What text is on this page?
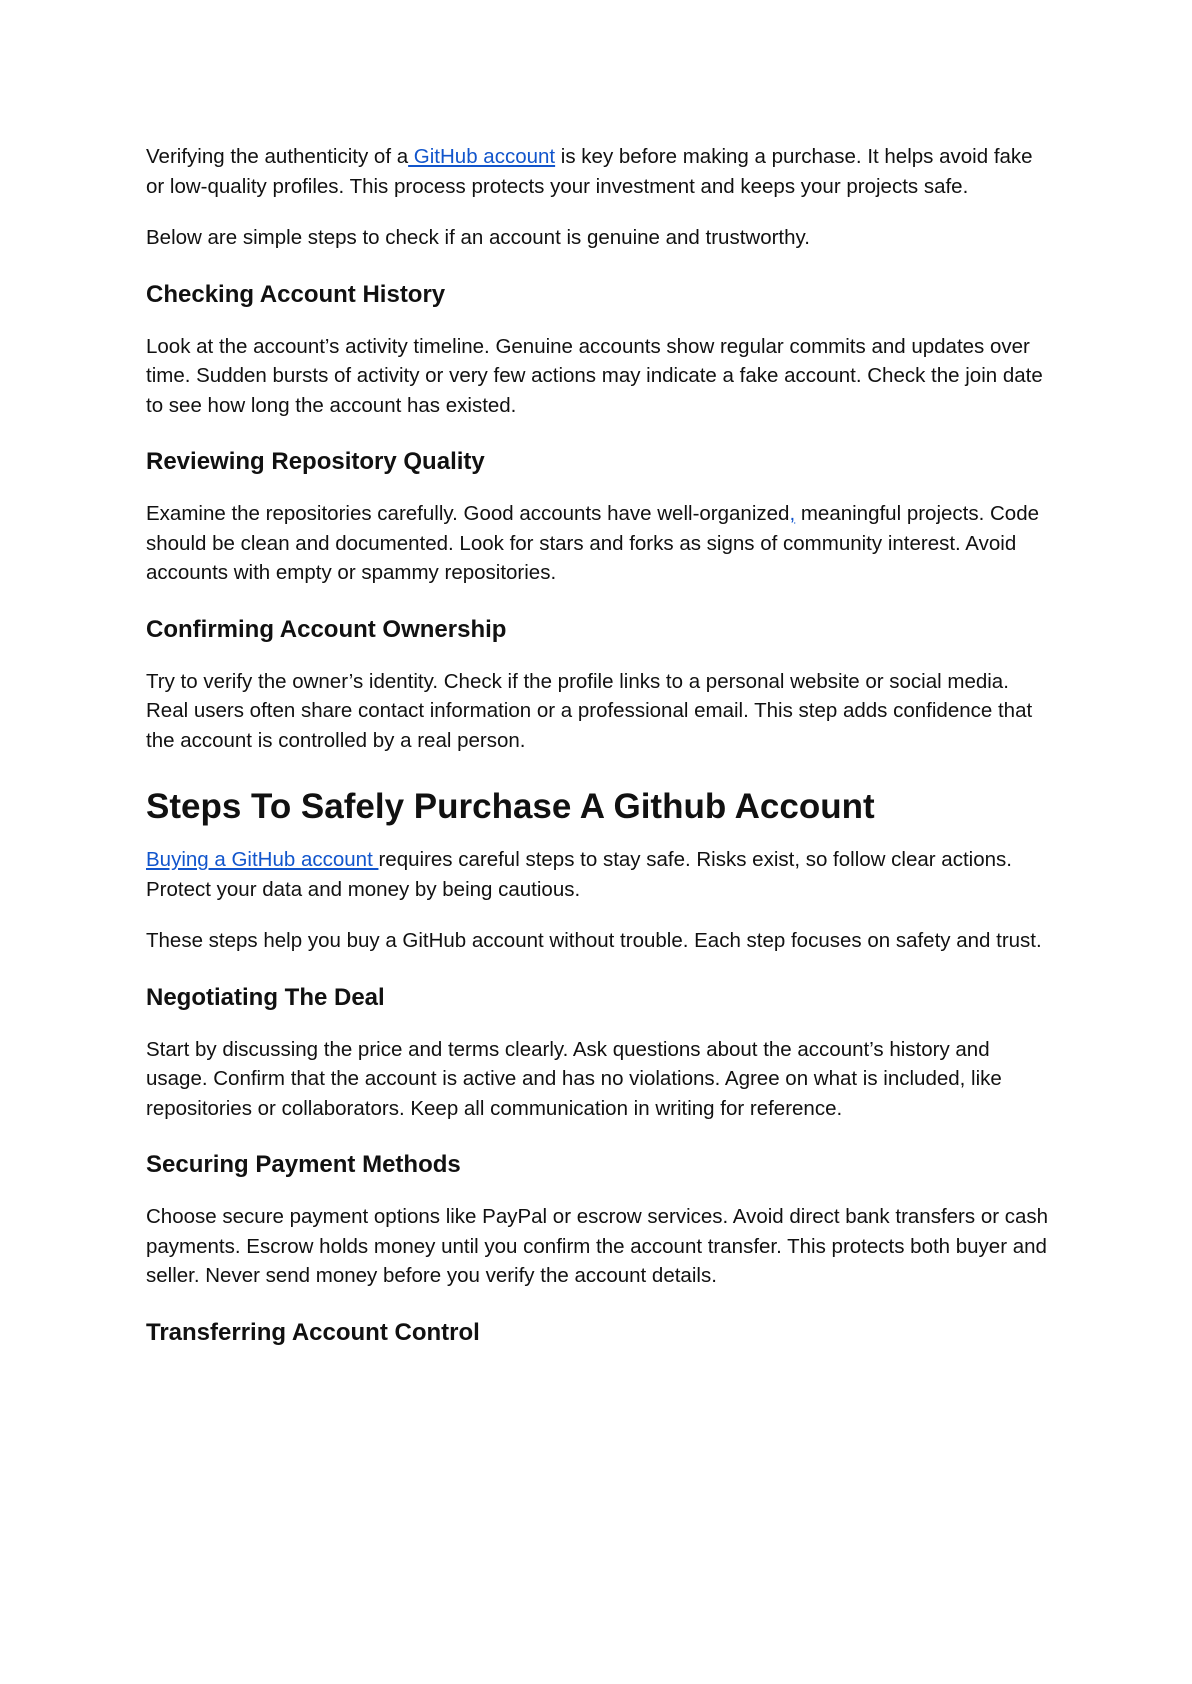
Verifying the authenticity of a GitHub account is key before making a purchase. It helps avoid fake or low-quality profiles. This process protects your investment and keeps your projects safe.

Below are simple steps to check if an account is genuine and trustworthy.

Checking Account History

Look at the account’s activity timeline. Genuine accounts show regular commits and updates over time. Sudden bursts of activity or very few actions may indicate a fake account. Check the join date to see how long the account has existed.

Reviewing Repository Quality

Examine the repositories carefully. Good accounts have well-organized, meaningful projects. Code should be clean and documented. Look for stars and forks as signs of community interest. Avoid accounts with empty or spammy repositories.

Confirming Account Ownership

Try to verify the owner’s identity. Check if the profile links to a personal website or social media. Real users often share contact information or a professional email. This step adds confidence that the account is controlled by a real person.

Steps To Safely Purchase A Github Account

Buying a GitHub account requires careful steps to stay safe. Risks exist, so follow clear actions. Protect your data and money by being cautious.

These steps help you buy a GitHub account without trouble. Each step focuses on safety and trust.

Negotiating The Deal

Start by discussing the price and terms clearly. Ask questions about the account’s history and usage. Confirm that the account is active and has no violations. Agree on what is included, like repositories or collaborators. Keep all communication in writing for reference.

Securing Payment Methods

Choose secure payment options like PayPal or escrow services. Avoid direct bank transfers or cash payments. Escrow holds money until you confirm the account transfer. This protects both buyer and seller. Never send money before you verify the account details.

Transferring Account Control
